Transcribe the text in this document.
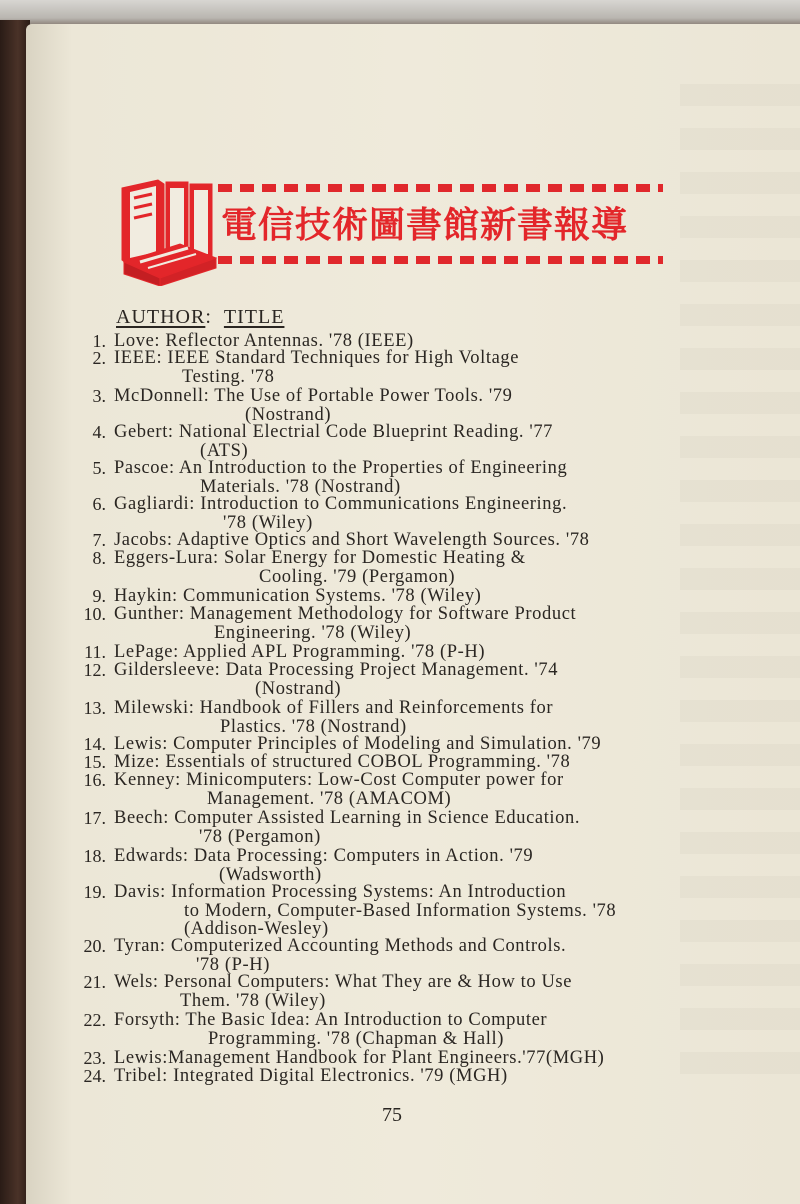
電信技術圖書館新書報導
AUTHOR: TITLE
1. Love: Reflector Antennas. '78 (IEEE)
2. IEEE: IEEE Standard Techniques for High Voltage
Testing. '78
3. McDonnell: The Use of Portable Power Tools. '79
(Nostrand)
4. Gebert: National Electrial Code Blueprint Reading. '77
(ATS)
5. Pascoe: An Introduction to the Properties of Engineering
Materials. '78 (Nostrand)
6. Gagliardi: Introduction to Communications Engineering.
'78 (Wiley)
7. Jacobs: Adaptive Optics and Short Wavelength Sources. '78
8. Eggers-Lura: Solar Energy for Domestic Heating &
Cooling. '79 (Pergamon)
9. Haykin: Communication Systems. '78 (Wiley)
10. Gunther: Management Methodology for Software Product
Engineering. '78 (Wiley)
11. LePage: Applied APL Programming. '78 (P-H)
12. Gildersleeve: Data Processing Project Management. '74
(Nostrand)
13. Milewski: Handbook of Fillers and Reinforcements for
Plastics. '78 (Nostrand)
14. Lewis: Computer Principles of Modeling and Simulation. '79
15. Mize: Essentials of structured COBOL Programming. '78
16. Kenney: Minicomputers: Low-Cost Computer power for
Management. '78 (AMACOM)
17. Beech: Computer Assisted Learning in Science Education.
'78 (Pergamon)
18. Edwards: Data Processing: Computers in Action. '79
(Wadsworth)
19. Davis: Information Processing Systems: An Introduction
to Modern, Computer-Based Information Systems. '78
(Addison-Wesley)
20. Tyran: Computerized Accounting Methods and Controls.
'78 (P-H)
21. Wels: Personal Computers: What They are & How to Use
Them. '78 (Wiley)
22. Forsyth: The Basic Idea: An Introduction to Computer
Programming. '78 (Chapman & Hall)
23. Lewis:Management Handbook for Plant Engineers.'77(MGH)
24. Tribel: Integrated Digital Electronics. '79 (MGH)
75
